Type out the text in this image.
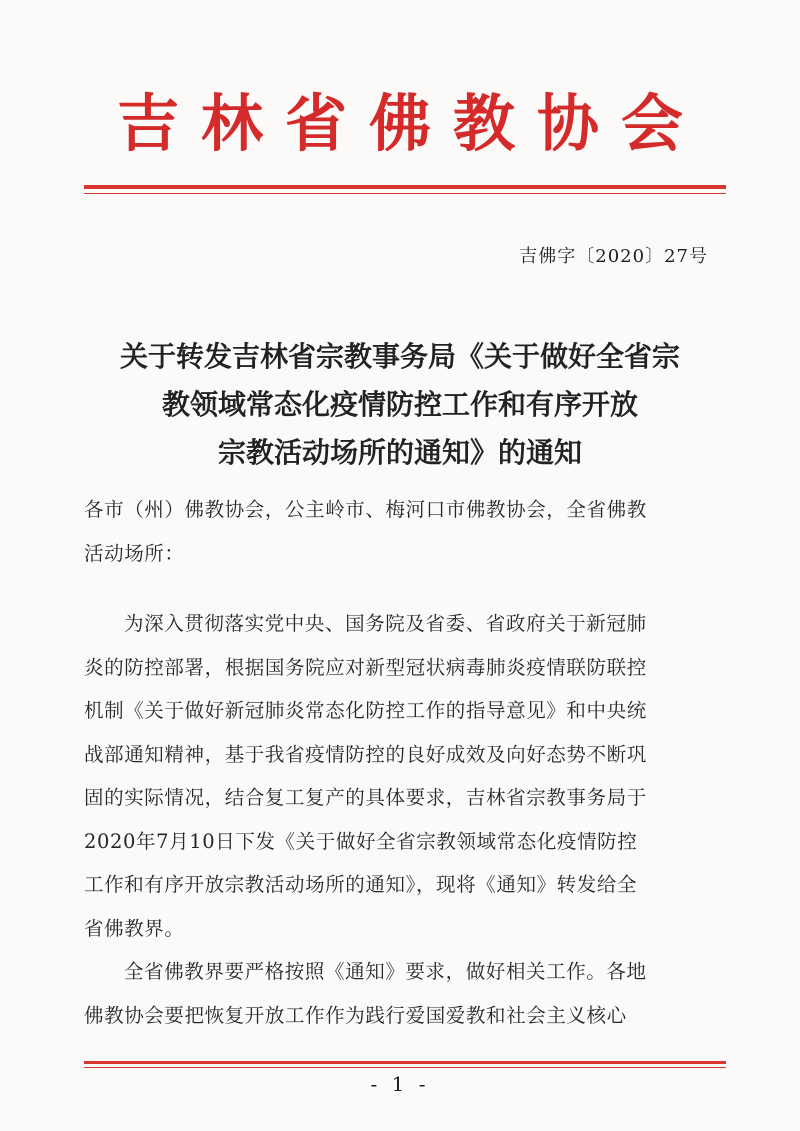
吉林省佛教协会
吉佛字〔2020〕27号
关于转发吉林省宗教事务局《关于做好全省宗
教领域常态化疫情防控工作和有序开放
宗教活动场所的通知》的通知
各市（州）佛教协会，公主岭市、梅河口市佛教协会，全省佛教
活动场所：
为深入贯彻落实党中央、国务院及省委、省政府关于新冠肺
炎的防控部署，根据国务院应对新型冠状病毒肺炎疫情联防联控
机制《关于做好新冠肺炎常态化防控工作的指导意见》和中央统
战部通知精神，基于我省疫情防控的良好成效及向好态势不断巩
固的实际情况，结合复工复产的具体要求，吉林省宗教事务局于
2020年7月10日下发《关于做好全省宗教领域常态化疫情防控
工作和有序开放宗教活动场所的通知》，现将《通知》转发给全
省佛教界。
全省佛教界要严格按照《通知》要求，做好相关工作。各地
佛教协会要把恢复开放工作作为践行爱国爱教和社会主义核心
- 1 -
